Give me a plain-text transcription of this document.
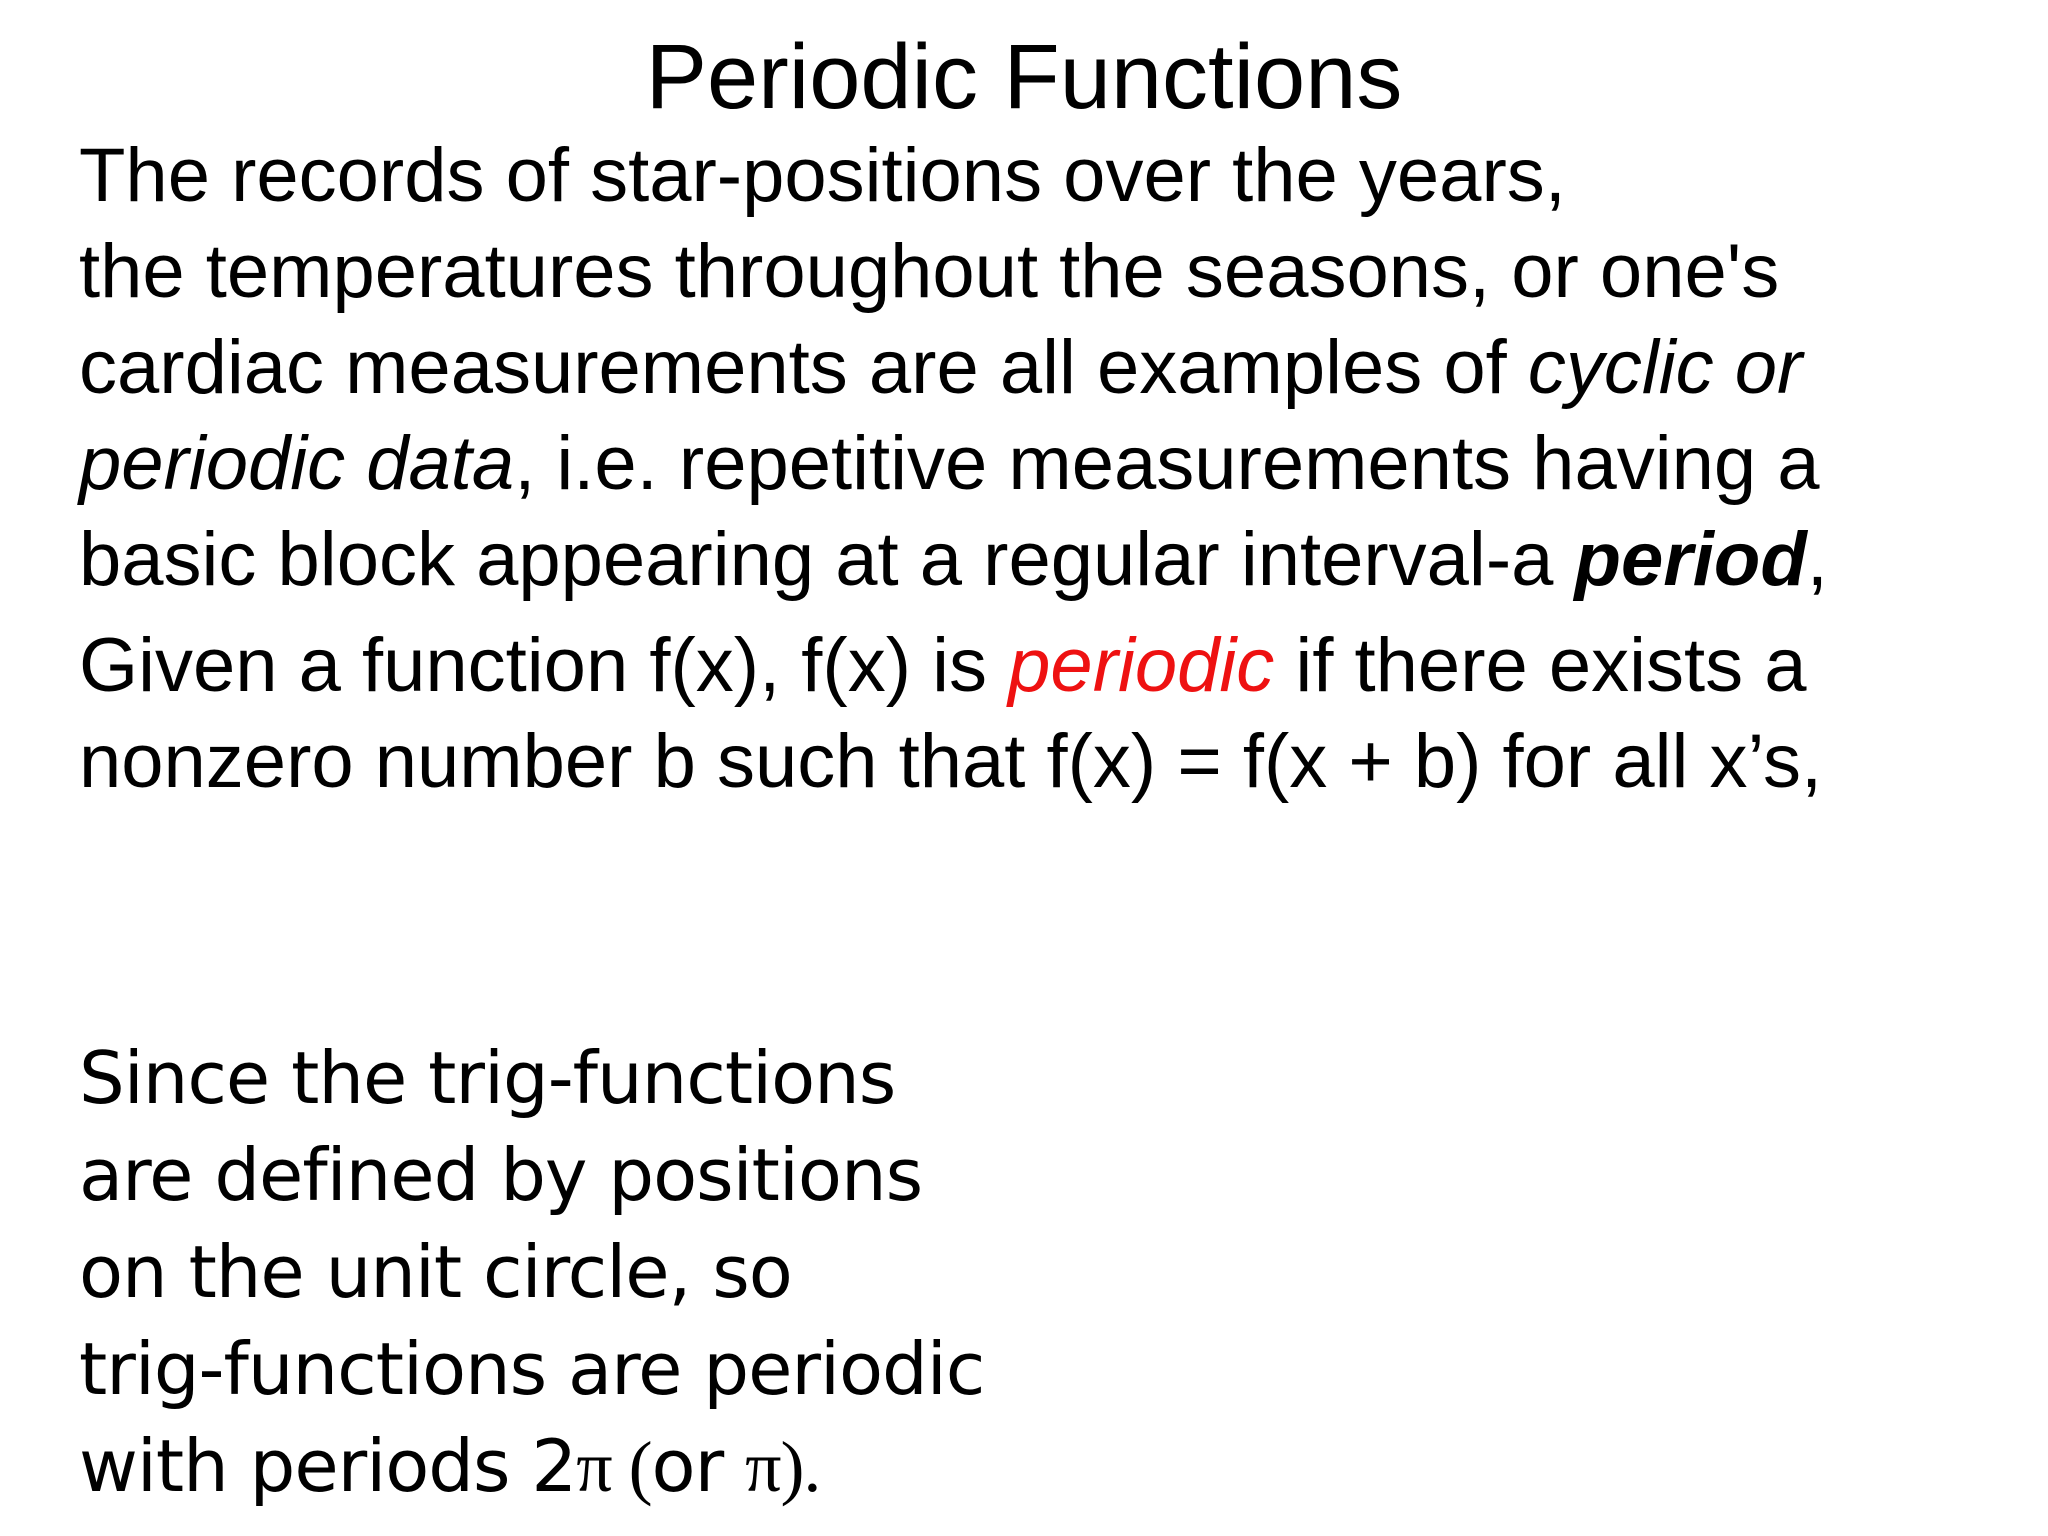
Periodic Functions
The records of star-positions over the years,
the temperatures throughout the seasons, or one's
cardiac measurements are all examples of cyclic or
periodic data, i.e. repetitive measurements having a
basic block appearing at a regular interval-a period,
Given a function f(x), f(x) is periodic if there exists a
nonzero number b such that f(x) = f(x + b) for all x’s,
Since the trig-functions
are defined by positions
on the unit circle, so
trig-functions are periodic
with periods 2π (or π).
